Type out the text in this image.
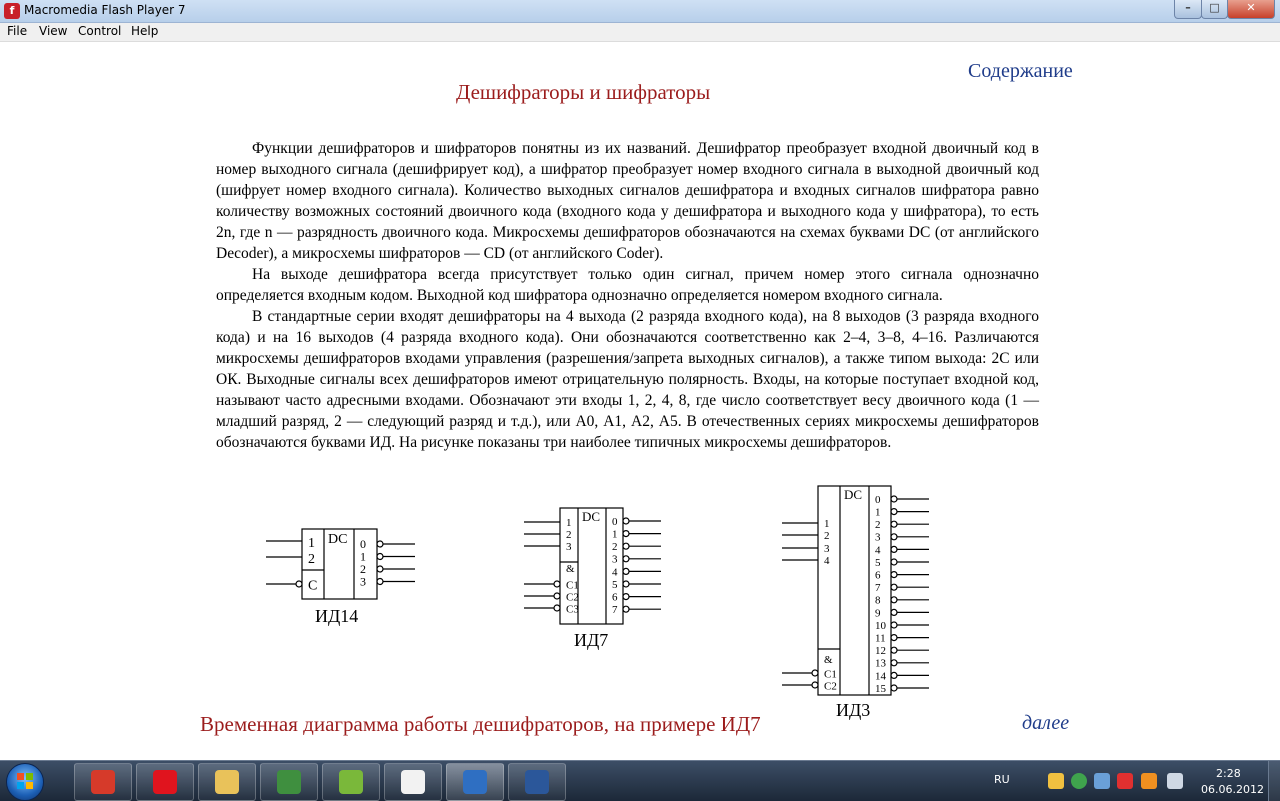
f Macromedia Flash Player 7	–	□	✕
File View Control Help
Содержание
Дешифраторы и шифраторы

Функции дешифраторов и шифраторов понятны из их названий. Дешифратор преобразует входной двоичный код в номер выходного сигнала (дешифрирует код), а шифратор преобразует номер входного сигнала в выходной двоичный код (шифрует номер входного сигнала). Количество выходных сигналов дешифратора и входных сигналов шифратора равно количеству возможных состояний двоичного кода (входного кода у дешифратора и выходного кода у шифратора), то есть 2n, где n — разрядность двоичного кода. Микросхемы дешифраторов обозначаются на схемах буквами DC (от английского Decoder), а микросхемы шифраторов — CD (от английского Coder).

На выходе дешифратора всегда присутствует только один сигнал, причем номер этого сигнала однозначно определяется входным кодом. Выходной код шифратора однозначно определяется номером входного сигнала.

В стандартные серии входят дешифраторы на 4 выхода (2 разряда входного кода), на 8 выходов (3 разряда входного кода) и на 16 выходов (4 разряда входного кода). Они обозначаются соответственно как 2–4, 3–8, 4–16. Различаются микросхемы дешифраторов входами управления (разрешения/запрета выходных сигналов), а также типом выхода: 2С или ОК. Выходные сигналы всех дешифраторов имеют отрицательную полярность. Входы, на которые поступает входной код, называют часто адресными входами. Обозначают эти входы 1, 2, 4, 8, где число соответствует весу двоичного кода (1 — младший разряд, 2 — следующий разряд и т.д.), или А0, А1, А2, А5. В отечественных сериях микросхемы дешифраторов обозначаются буквами ИД. На рисунке показаны три наиболее типичных микросхемы дешифраторов.

DC
1
2
C
0
1
2
3
DC
1
2
3
&
C1
C2
C3
0
1
2
3
4
5
6
7
DC
1
2
3
4
&
C1
C2
0
1
2
3
4
5
6
7
8
9
10
11
12
13
14
15
ИД14
ИД7
ИД3
Временная диаграмма работы дешифраторов, на примере ИД7	далее
RU	2:28
06.06.2012
